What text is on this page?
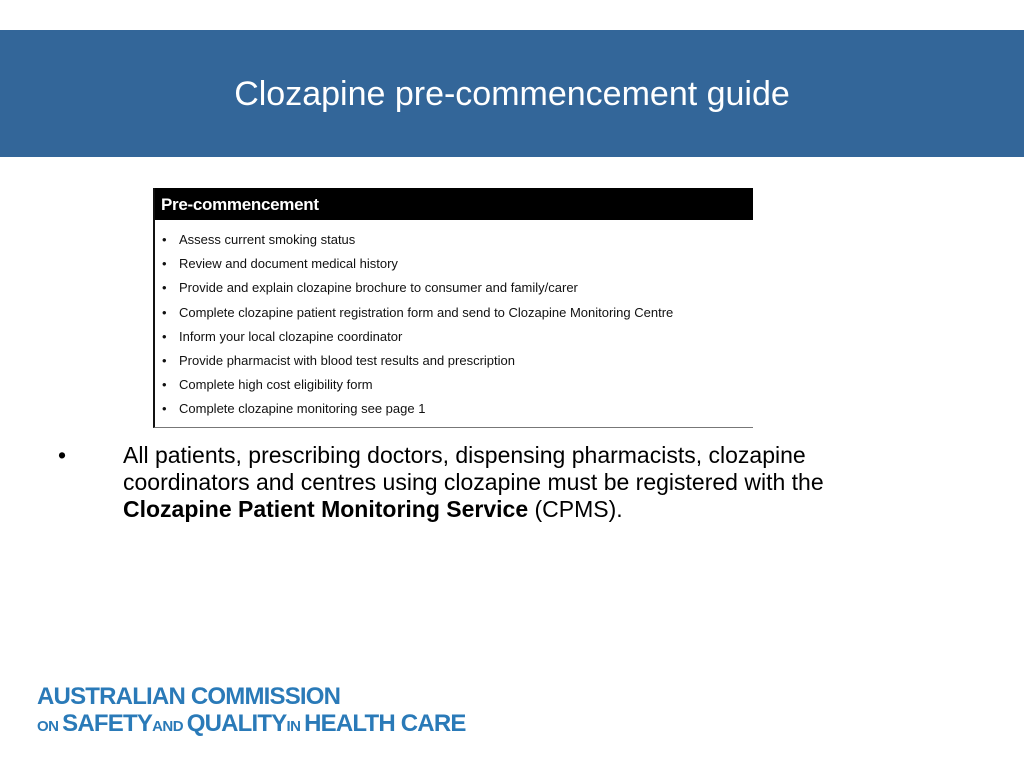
Clozapine pre-commencement guide
Pre-commencement
• Assess current smoking status
• Review and document medical history
• Provide and explain clozapine brochure to consumer and family/carer
• Complete clozapine patient registration form and send to Clozapine Monitoring Centre
• Inform your local clozapine coordinator
• Provide pharmacist with blood test results and prescription
• Complete high cost eligibility form
• Complete clozapine monitoring see page 1
• All patients, prescribing doctors, dispensing pharmacists, clozapine coordinators and centres using clozapine must be registered with the Clozapine Patient Monitoring Service (CPMS).
AUSTRALIAN COMMISSION
ON SAFETYAND QUALITYIN HEALTH CARE
